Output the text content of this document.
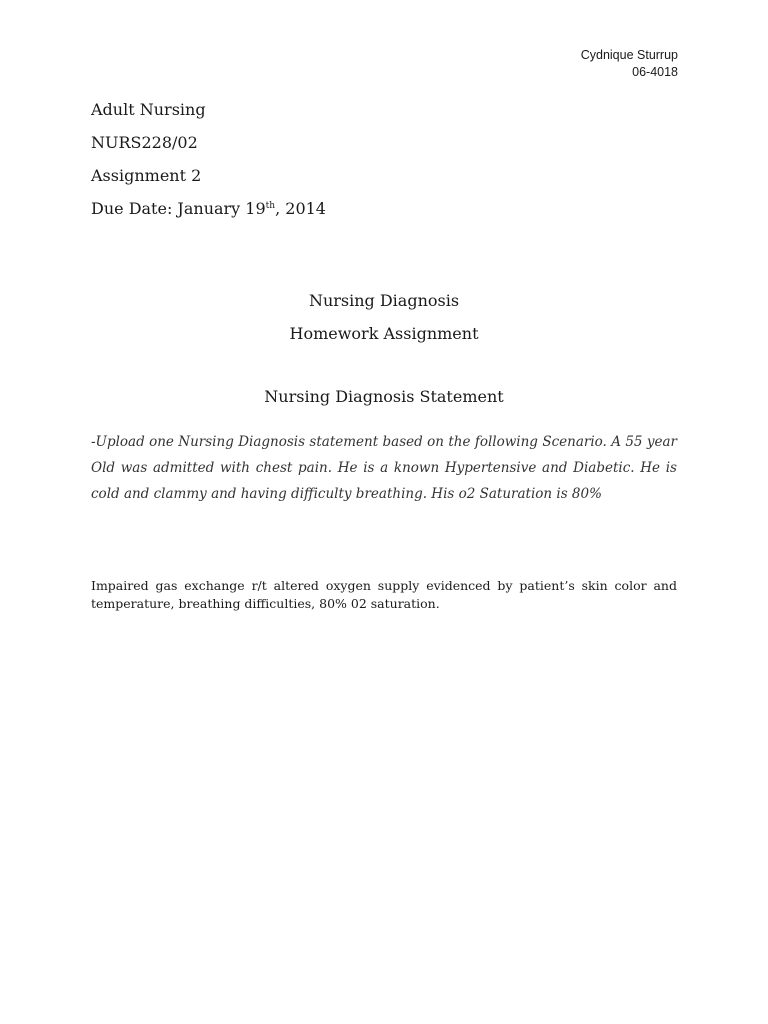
Cydnique Sturrup
06-4018
Adult Nursing
NURS228/02
Assignment 2
Due Date: January 19th, 2014
Nursing Diagnosis
Homework Assignment
Nursing Diagnosis Statement
-Upload one Nursing Diagnosis statement based on the following Scenario. A 55 year Old was admitted with chest pain. He is a known Hypertensive and Diabetic. He is cold and clammy and having difficulty breathing. His o2 Saturation is 80%
Impaired gas exchange r/t altered oxygen supply evidenced by patient’s skin color and temperature, breathing difficulties, 80% 02 saturation.
